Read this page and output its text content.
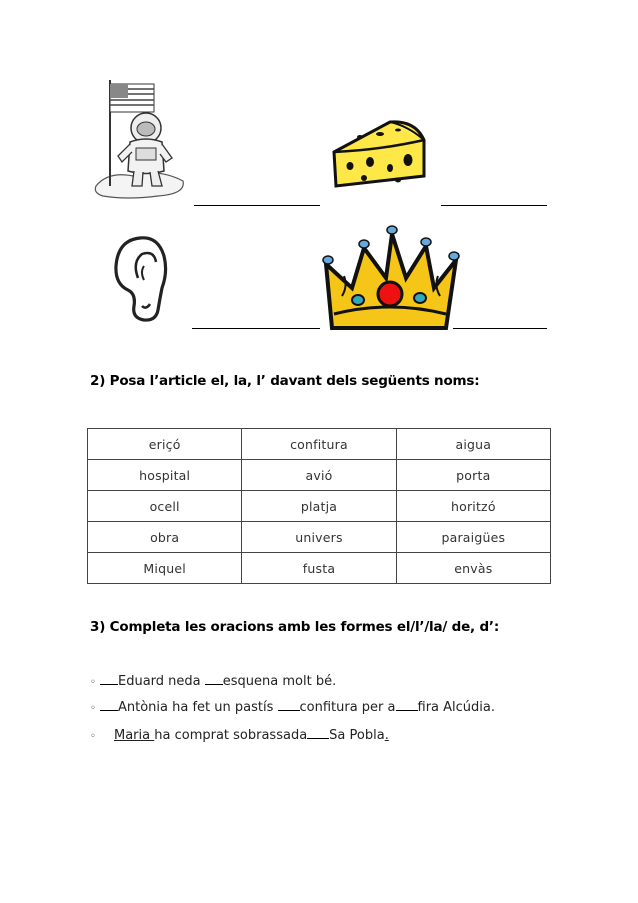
2) Posa l’article el, la, l’ davant dels següents noms:
eriçó	confitura	aigua
hospital	avió	porta
ocell	platja	horitzó
obra	univers	paraigües
Miquel	fusta	envàs
3) Completa les oracions amb les formes el/l’/la/ de, d’:
◦ Eduard neda esquena molt bé.
◦ Antònia ha fet un pastís confitura per a fira Alcúdia.
◦ Maria ha comprat sobrassada Sa Pobla.
